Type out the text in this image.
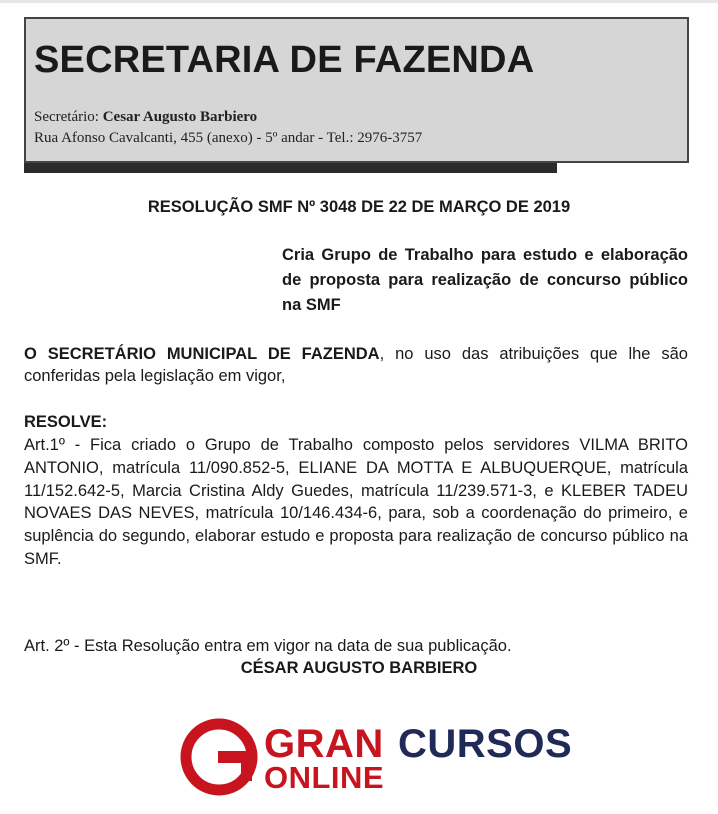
SECRETARIA DE FAZENDA
Secretário: Cesar Augusto Barbiero
Rua Afonso Cavalcanti, 455 (anexo) - 5º andar - Tel.: 2976-3757
RESOLUÇÃO SMF Nº 3048 DE 22 DE MARÇO DE 2019
Cria Grupo de Trabalho para estudo e elaboração de proposta para realização de concurso público na SMF
O SECRETÁRIO MUNICIPAL DE FAZENDA, no uso das atribuições que lhe são conferidas pela legislação em vigor,
RESOLVE:
Art.1º - Fica criado o Grupo de Trabalho composto pelos servidores VILMA BRITO ANTONIO, matrícula 11/090.852-5, ELIANE DA MOTTA E ALBUQUERQUE, matrícula 11/152.642-5, Marcia Cristina Aldy Guedes, matrícula 11/239.571-3, e KLEBER TADEU NOVAES DAS NEVES, matrícula 10/146.434-6, para, sob a coordenação do primeiro, e suplência do segundo, elaborar estudo e proposta para realização de concurso público na SMF.
Art. 2º - Esta Resolução entra em vigor na data de sua publicação.
CÉSAR AUGUSTO BARBIERO
GRAN CURSOS
ONLINE
